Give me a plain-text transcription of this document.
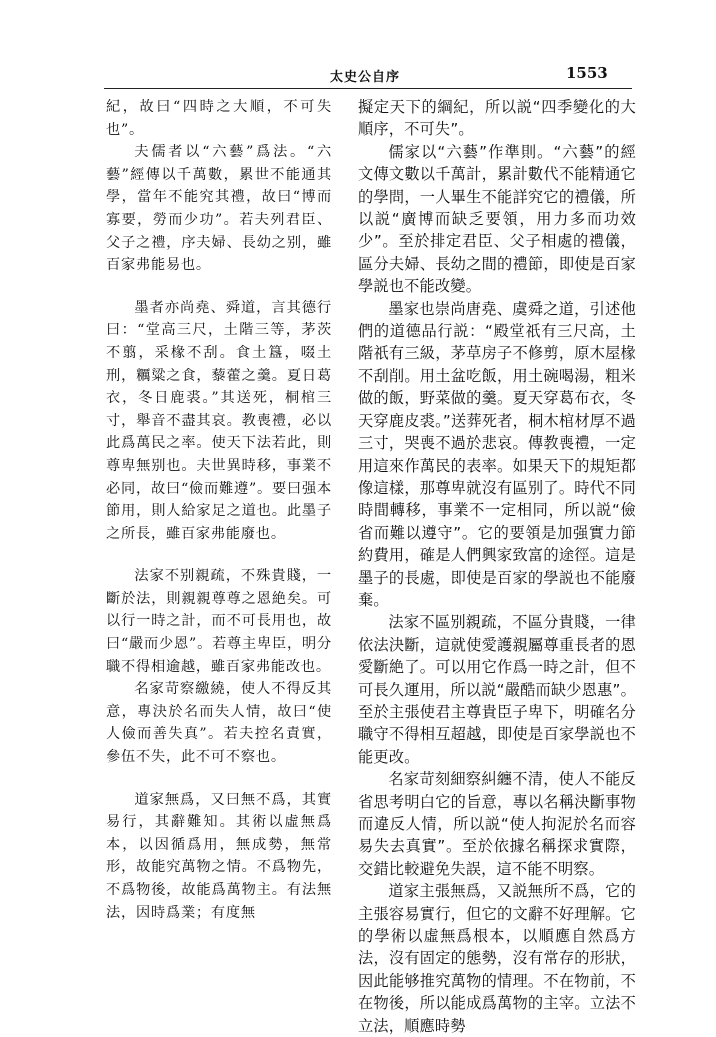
太史公自序	1553

紀，故曰“四時之大順，不可失也”。

夫儒者以“六藝”爲法。“六藝”經傳以千萬數，累世不能通其學，當年不能究其禮，故曰“博而寡要，勞而少功”。若夫列君臣、父子之禮，序夫婦、長幼之别，雖百家弗能易也。

墨者亦尚堯、舜道，言其德行曰：“堂高三尺，土階三等，茅茨不翦，采椽不刮。食土簋，啜土刑，糲粱之食，藜藿之羹。夏日葛衣，冬日鹿裘。”其送死，桐棺三寸，舉音不盡其哀。教喪禮，必以此爲萬民之率。使天下法若此，則尊卑無别也。夫世異時移，事業不必同，故曰“儉而難遵”。要曰强本節用，則人給家足之道也。此墨子之所長，雖百家弗能廢也。

法家不别親疏，不殊貴賤，一斷於法，則親親尊尊之恩絶矣。可以行一時之計，而不可長用也，故曰“嚴而少恩”。若尊主卑臣，明分職不得相逾越，雖百家弗能改也。

名家苛察繳繞，使人不得反其意，專決於名而失人情，故曰“使人儉而善失真”。若夫控名責實，參伍不失，此不可不察也。

道家無爲，又曰無不爲，其實易行，其辭難知。其術以虛無爲本，以因循爲用，無成勢，無常形，故能究萬物之情。不爲物先，不爲物後，故能爲萬物主。有法無法，因時爲業；有度無

擬定天下的綱紀，所以説“四季變化的大順序，不可失”。

儒家以“六藝”作準則。“六藝”的經文傳文數以千萬計，累計數代不能精通它的學問，一人畢生不能詳究它的禮儀，所以説“廣博而缺乏要領，用力多而功效少”。至於排定君臣、父子相處的禮儀，區分夫婦、長幼之間的禮節，即使是百家學説也不能改變。

墨家也崇尚唐堯、虞舜之道，引述他們的道德品行説：“殿堂祇有三尺高，土階祇有三級，茅草房子不修剪，原木屋椽不刮削。用土盆吃飯，用土碗喝湯，粗米做的飯，野菜做的羹。夏天穿葛布衣，冬天穿鹿皮裘。”送葬死者，桐木棺材厚不過三寸，哭喪不過於悲哀。傳教喪禮，一定用這來作萬民的表率。如果天下的規矩都像這樣，那尊卑就沒有區别了。時代不同時間轉移，事業不一定相同，所以説“儉省而難以遵守”。它的要領是加强實力節約費用，確是人們興家致富的途徑。這是墨子的長處，即使是百家的學説也不能廢棄。

法家不區别親疏，不區分貴賤，一律依法決斷，這就使愛護親屬尊重長者的恩愛斷絶了。可以用它作爲一時之計，但不可長久運用，所以説“嚴酷而缺少恩惠”。至於主張使君主尊貴臣子卑下，明確名分職守不得相互超越，即使是百家學説也不能更改。

名家苛刻細察糾纏不清，使人不能反省思考明白它的旨意，專以名稱決斷事物而違反人情，所以説“使人拘泥於名而容易失去真實”。至於依據名稱探求實際，交錯比較避免失誤，這不能不明察。

道家主張無爲，又説無所不爲，它的主張容易實行，但它的文辭不好理解。它的學術以虛無爲根本，以順應自然爲方法，沒有固定的態勢，沒有常存的形狀，因此能够推究萬物的情理。不在物前，不在物後，所以能成爲萬物的主宰。立法不立法，順應時勢
